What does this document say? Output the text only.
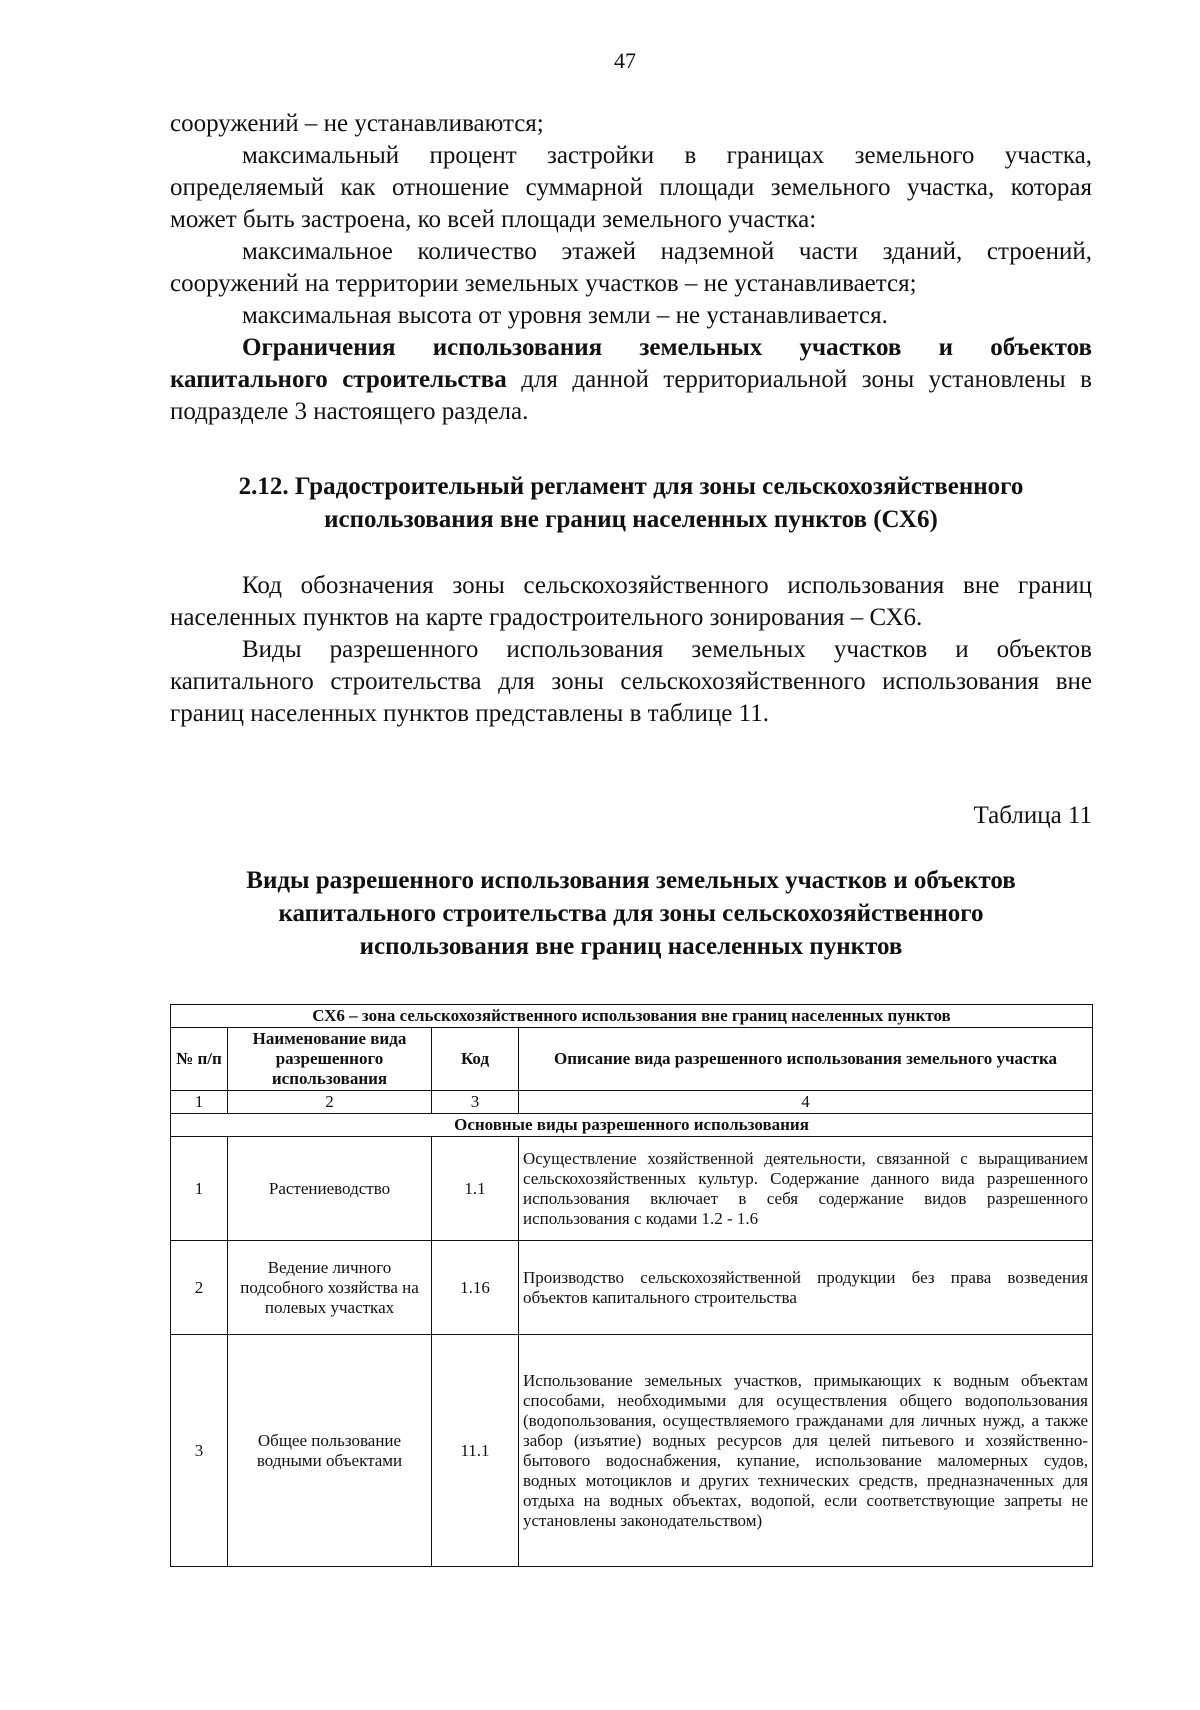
47

сооружений – не устанавливаются;

максимальный процент застройки в границах земельного участка, определяемый как отношение суммарной площади земельного участка, которая может быть застроена, ко всей площади земельного участка:

максимальное количество этажей надземной части зданий, строений, сооружений на территории земельных участков – не устанавливается;

максимальная высота от уровня земли – не устанавливается.

Ограничения использования земельных участков и объектов капитального строительства для данной территориальной зоны установлены в подразделе 3 настоящего раздела.

2.12. Градостроительный регламент для зоны сельскохозяйственного
использования вне границ населенных пунктов (СХ6)

Код обозначения зоны сельскохозяйственного использования вне границ населенных пунктов на карте градостроительного зонирования – СХ6.

Виды разрешенного использования земельных участков и объектов капитального строительства для зоны сельскохозяйственного использования вне границ населенных пунктов представлены в таблице 11.

Таблица 11
Виды разрешенного использования земельных участков и объектов
капитального строительства для зоны сельскохозяйственного
использования вне границ населенных пунктов
СХ6 – зона сельскохозяйственного использования вне границ населенных пунктов			
№ п/п	Наименование вида разрешенного использования	Код	Описание вида разрешенного использования земельного участка
1	2	3	4
Основные виды разрешенного использования			
1	Растениеводство	1.1	Осуществление хозяйственной деятельности, связанной с выращиванием сельскохозяйственных культур. Содержание данного вида разрешенного использования включает в себя содержание видов разрешенного использования с кодами 1.2 - 1.6
2	Ведение личного подсобного хозяйства на полевых участках	1.16	Производство сельскохозяйственной продукции без права возведения объектов капитального строительства
3	Общее пользование водными объектами	11.1	Использование земельных участков, примыкающих к водным объектам способами, необходимыми для осуществления общего водопользования (водопользования, осуществляемого гражданами для личных нужд, а также забор (изъятие) водных ресурсов для целей питьевого и хозяйственно-бытового водоснабжения, купание, использование маломерных судов, водных мотоциклов и других технических средств, предназначенных для отдыха на водных объектах, водопой, если соответствующие запреты не установлены законодательством)
